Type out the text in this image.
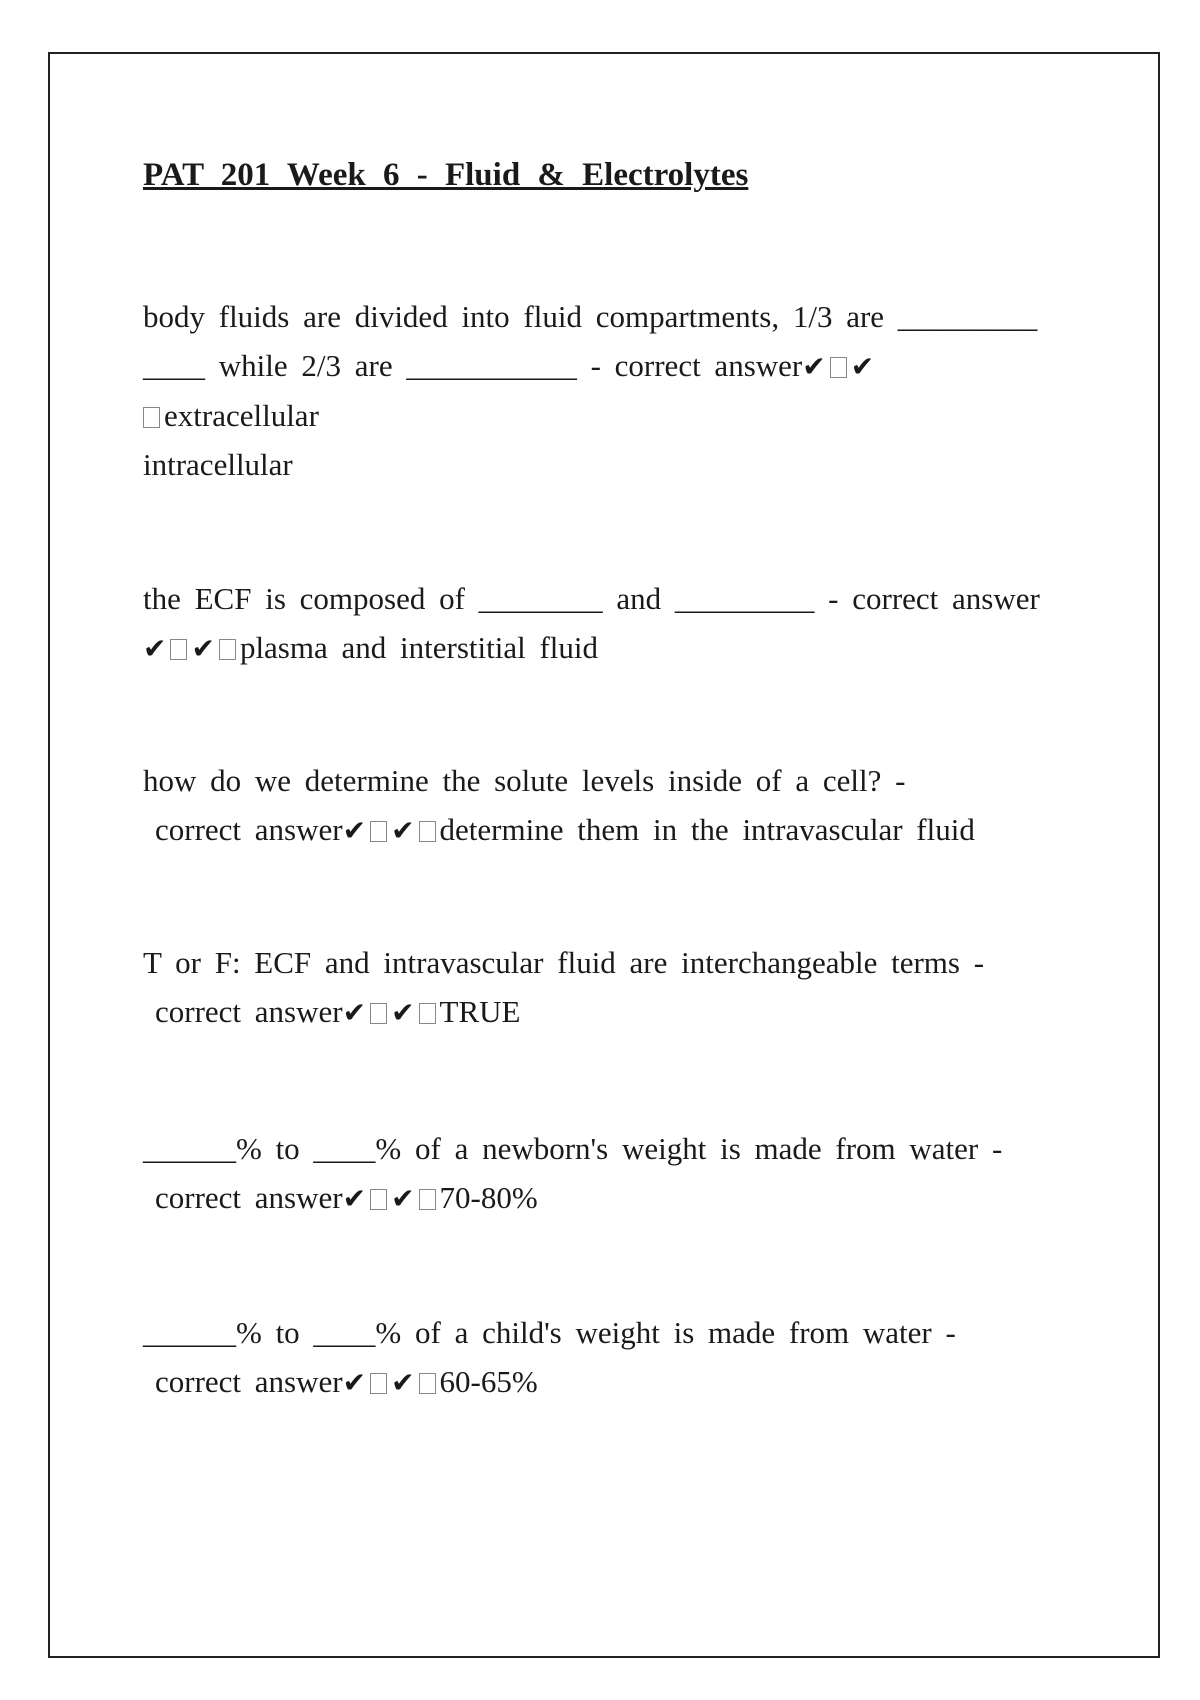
PAT 201 Week 6 - Fluid & Electrolytes

body fluids are divided into fluid compartments, 1/3 are _________

____ while 2/3 are ___________ - correct answer✔ ✔

extracellular

intracellular

the ECF is composed of ________ and _________ - correct answer

✔ ✔ plasma and interstitial fluid

how do we determine the solute levels inside of a cell? -

correct answer✔ ✔ determine them in the intravascular fluid

T or F: ECF and intravascular fluid are interchangeable terms -

correct answer✔ ✔ TRUE

______% to ____% of a newborn's weight is made from water -

correct answer✔ ✔ 70-80%

______% to ____% of a child's weight is made from water -

correct answer✔ ✔ 60-65%
